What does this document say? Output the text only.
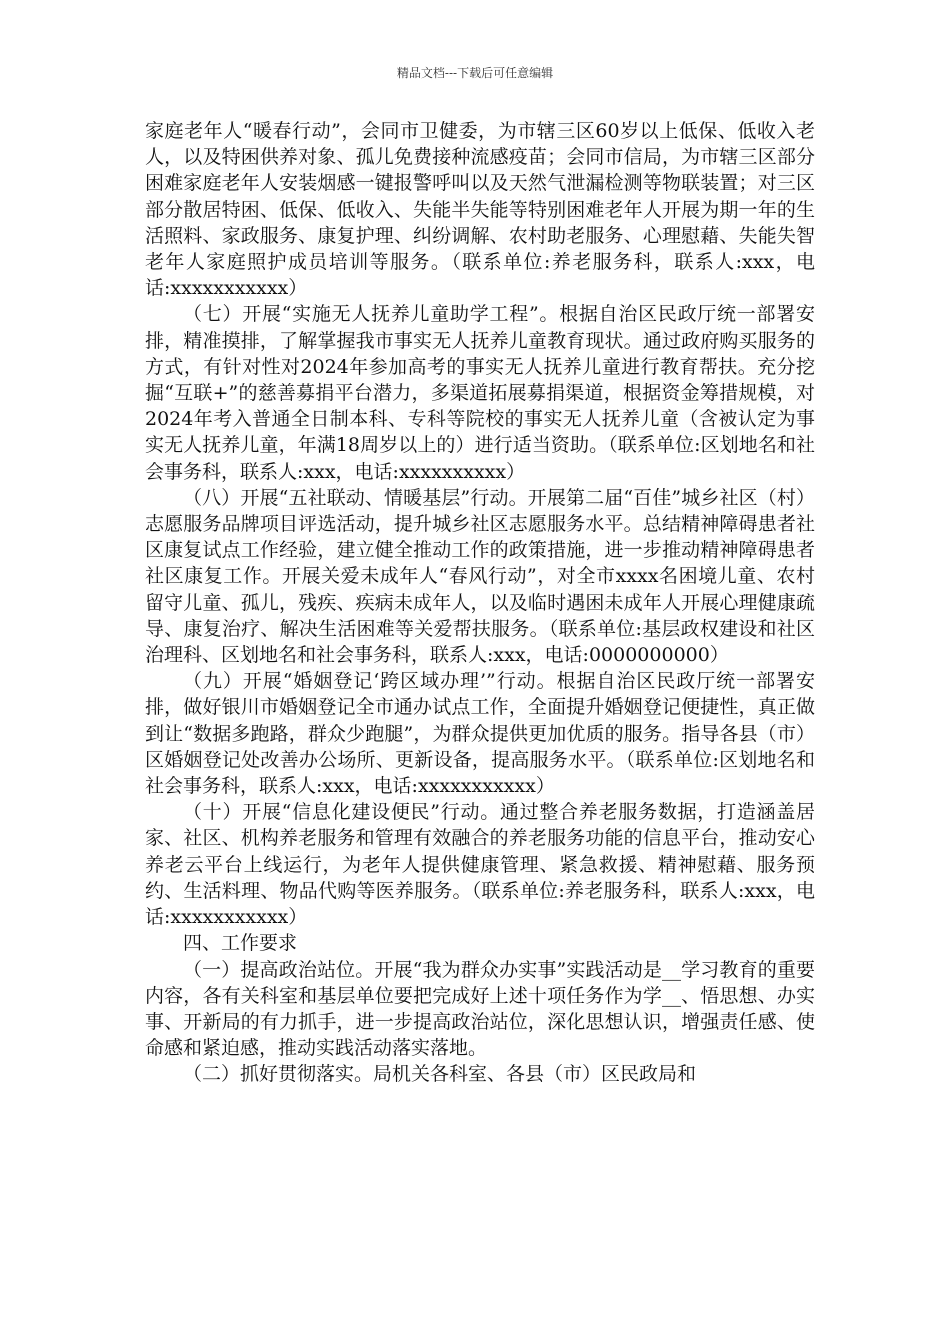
精品文档---下载后可任意编辑

家庭老年人“暖春行动”，会同市卫健委，为市辖三区60岁以上低保、低收入老人，以及特困供养对象、孤儿免费接种流感疫苗；会同市信局，为市辖三区部分困难家庭老年人安装烟感一键报警呼叫以及天然气泄漏检测等物联装置；对三区部分散居特困、低保、低收入、失能半失能等特别困难老年人开展为期一年的生活照料、家政服务、康复护理、纠纷调解、农村助老服务、心理慰藉、失能失智老年人家庭照护成员培训等服务。（联系单位:养老服务科，联系人:xxx，电话:xxxxxxxxxxx）

（七）开展“实施无人抚养儿童助学工程”。根据自治区民政厅统一部署安排，精准摸排，了解掌握我市事实无人抚养儿童教育现状。通过政府购买服务的方式，有针对性对2024年参加高考的事实无人抚养儿童进行教育帮扶。充分挖掘“互联+”的慈善募捐平台潜力，多渠道拓展募捐渠道，根据资金筹措规模，对2024年考入普通全日制本科、专科等院校的事实无人抚养儿童（含被认定为事实无人抚养儿童，年满18周岁以上的）进行适当资助。（联系单位:区划地名和社会事务科，联系人:xxx，电话:xxxxxxxxxx）

（八）开展“五社联动、情暖基层”行动。开展第二届“百佳”城乡社区（村）志愿服务品牌项目评选活动，提升城乡社区志愿服务水平。总结精神障碍患者社区康复试点工作经验，建立健全推动工作的政策措施，进一步推动精神障碍患者社区康复工作。开展关爱未成年人“春风行动”，对全市xxxx名困境儿童、农村留守儿童、孤儿，残疾、疾病未成年人，以及临时遇困未成年人开展心理健康疏导、康复治疗、解决生活困难等关爱帮扶服务。（联系单位:基层政权建设和社区治理科、区划地名和社会事务科，联系人:xxx，电话:0000000000）

（九）开展“婚姻登记‘跨区域办理’”行动。根据自治区民政厅统一部署安排，做好银川市婚姻登记全市通办试点工作，全面提升婚姻登记便捷性，真正做到让“数据多跑路，群众少跑腿”，为群众提供更加优质的服务。指导各县（市）区婚姻登记处改善办公场所、更新设备，提高服务水平。（联系单位:区划地名和社会事务科，联系人:xxx，电话:xxxxxxxxxxx）

（十）开展“信息化建设便民”行动。通过整合养老服务数据，打造涵盖居家、社区、机构养老服务和管理有效融合的养老服务功能的信息平台，推动安心养老云平台上线运行，为老年人提供健康管理、紧急救援、精神慰藉、服务预约、生活料理、物品代购等医养服务。（联系单位:养老服务科，联系人:xxx，电话:xxxxxxxxxxx）

四、工作要求

（一）提高政治站位。开展“我为群众办实事”实践活动是__学习教育的重要内容，各有关科室和基层单位要把完成好上述十项任务作为学__、悟思想、办实事、开新局的有力抓手，进一步提高政治站位，深化思想认识，增强责任感、使命感和紧迫感，推动实践活动落实落地。

（二）抓好贯彻落实。局机关各科室、各县（市）区民政局和
